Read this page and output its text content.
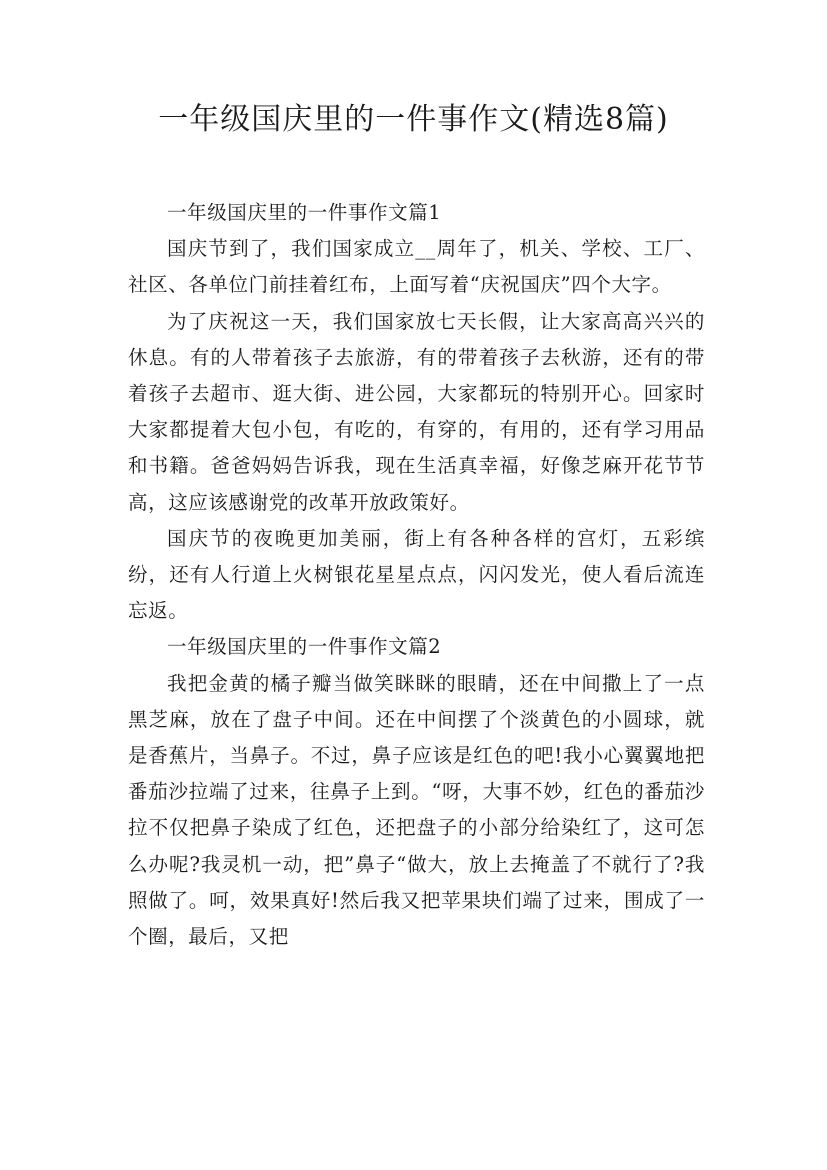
一年级国庆里的一件事作文(精选8篇)

一年级国庆里的一件事作文篇1

国庆节到了，我们国家成立__周年了，机关、学校、工厂、社区、各单位门前挂着红布，上面写着“庆祝国庆”四个大字。

为了庆祝这一天，我们国家放七天长假，让大家高高兴兴的休息。有的人带着孩子去旅游，有的带着孩子去秋游，还有的带着孩子去超市、逛大街、进公园，大家都玩的特别开心。回家时大家都提着大包小包，有吃的，有穿的，有用的，还有学习用品和书籍。爸爸妈妈告诉我，现在生活真幸福，好像芝麻开花节节高，这应该感谢党的改革开放政策好。

国庆节的夜晚更加美丽，街上有各种各样的宫灯，五彩缤纷，还有人行道上火树银花星星点点，闪闪发光，使人看后流连忘返。

一年级国庆里的一件事作文篇2

我把金黄的橘子瓣当做笑眯眯的眼睛，还在中间撒上了一点黑芝麻，放在了盘子中间。还在中间摆了个淡黄色的小圆球，就是香蕉片，当鼻子。不过，鼻子应该是红色的吧!我小心翼翼地把番茄沙拉端了过来，往鼻子上到。“呀，大事不妙，红色的番茄沙拉不仅把鼻子染成了红色，还把盘子的小部分给染红了，这可怎么办呢?我灵机一动，把”鼻子“做大，放上去掩盖了不就行了?我照做了。呵，效果真好!然后我又把苹果块们端了过来，围成了一个圈，最后，又把
